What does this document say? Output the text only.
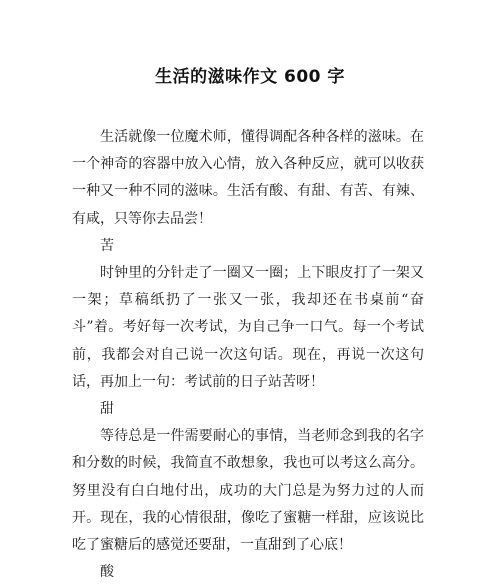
生活的滋味作文 600 字

生活就像一位魔术师，懂得调配各种各样的滋味。在一个神奇的容器中放入心情，放入各种反应，就可以收获一种又一种不同的滋味。生活有酸、有甜、有苦、有辣、有咸，只等你去品尝！

苦

时钟里的分针走了一圈又一圈；上下眼皮打了一架又一架；草稿纸扔了一张又一张，我却还在书桌前“奋斗”着。考好每一次考试，为自己争一口气。每一个考试前，我都会对自己说一次这句话。现在，再说一次这句话，再加上一句：考试前的日子站苦呀！

甜

等待总是一件需要耐心的事情，当老师念到我的名字和分数的时候，我简直不敢想象，我也可以考这么高分。努里没有白白地付出，成功的大门总是为努力过的人而开。现在，我的心情很甜，像吃了蜜糖一样甜，应该说比吃了蜜糖后的感觉还要甜，一直甜到了心底！

酸
